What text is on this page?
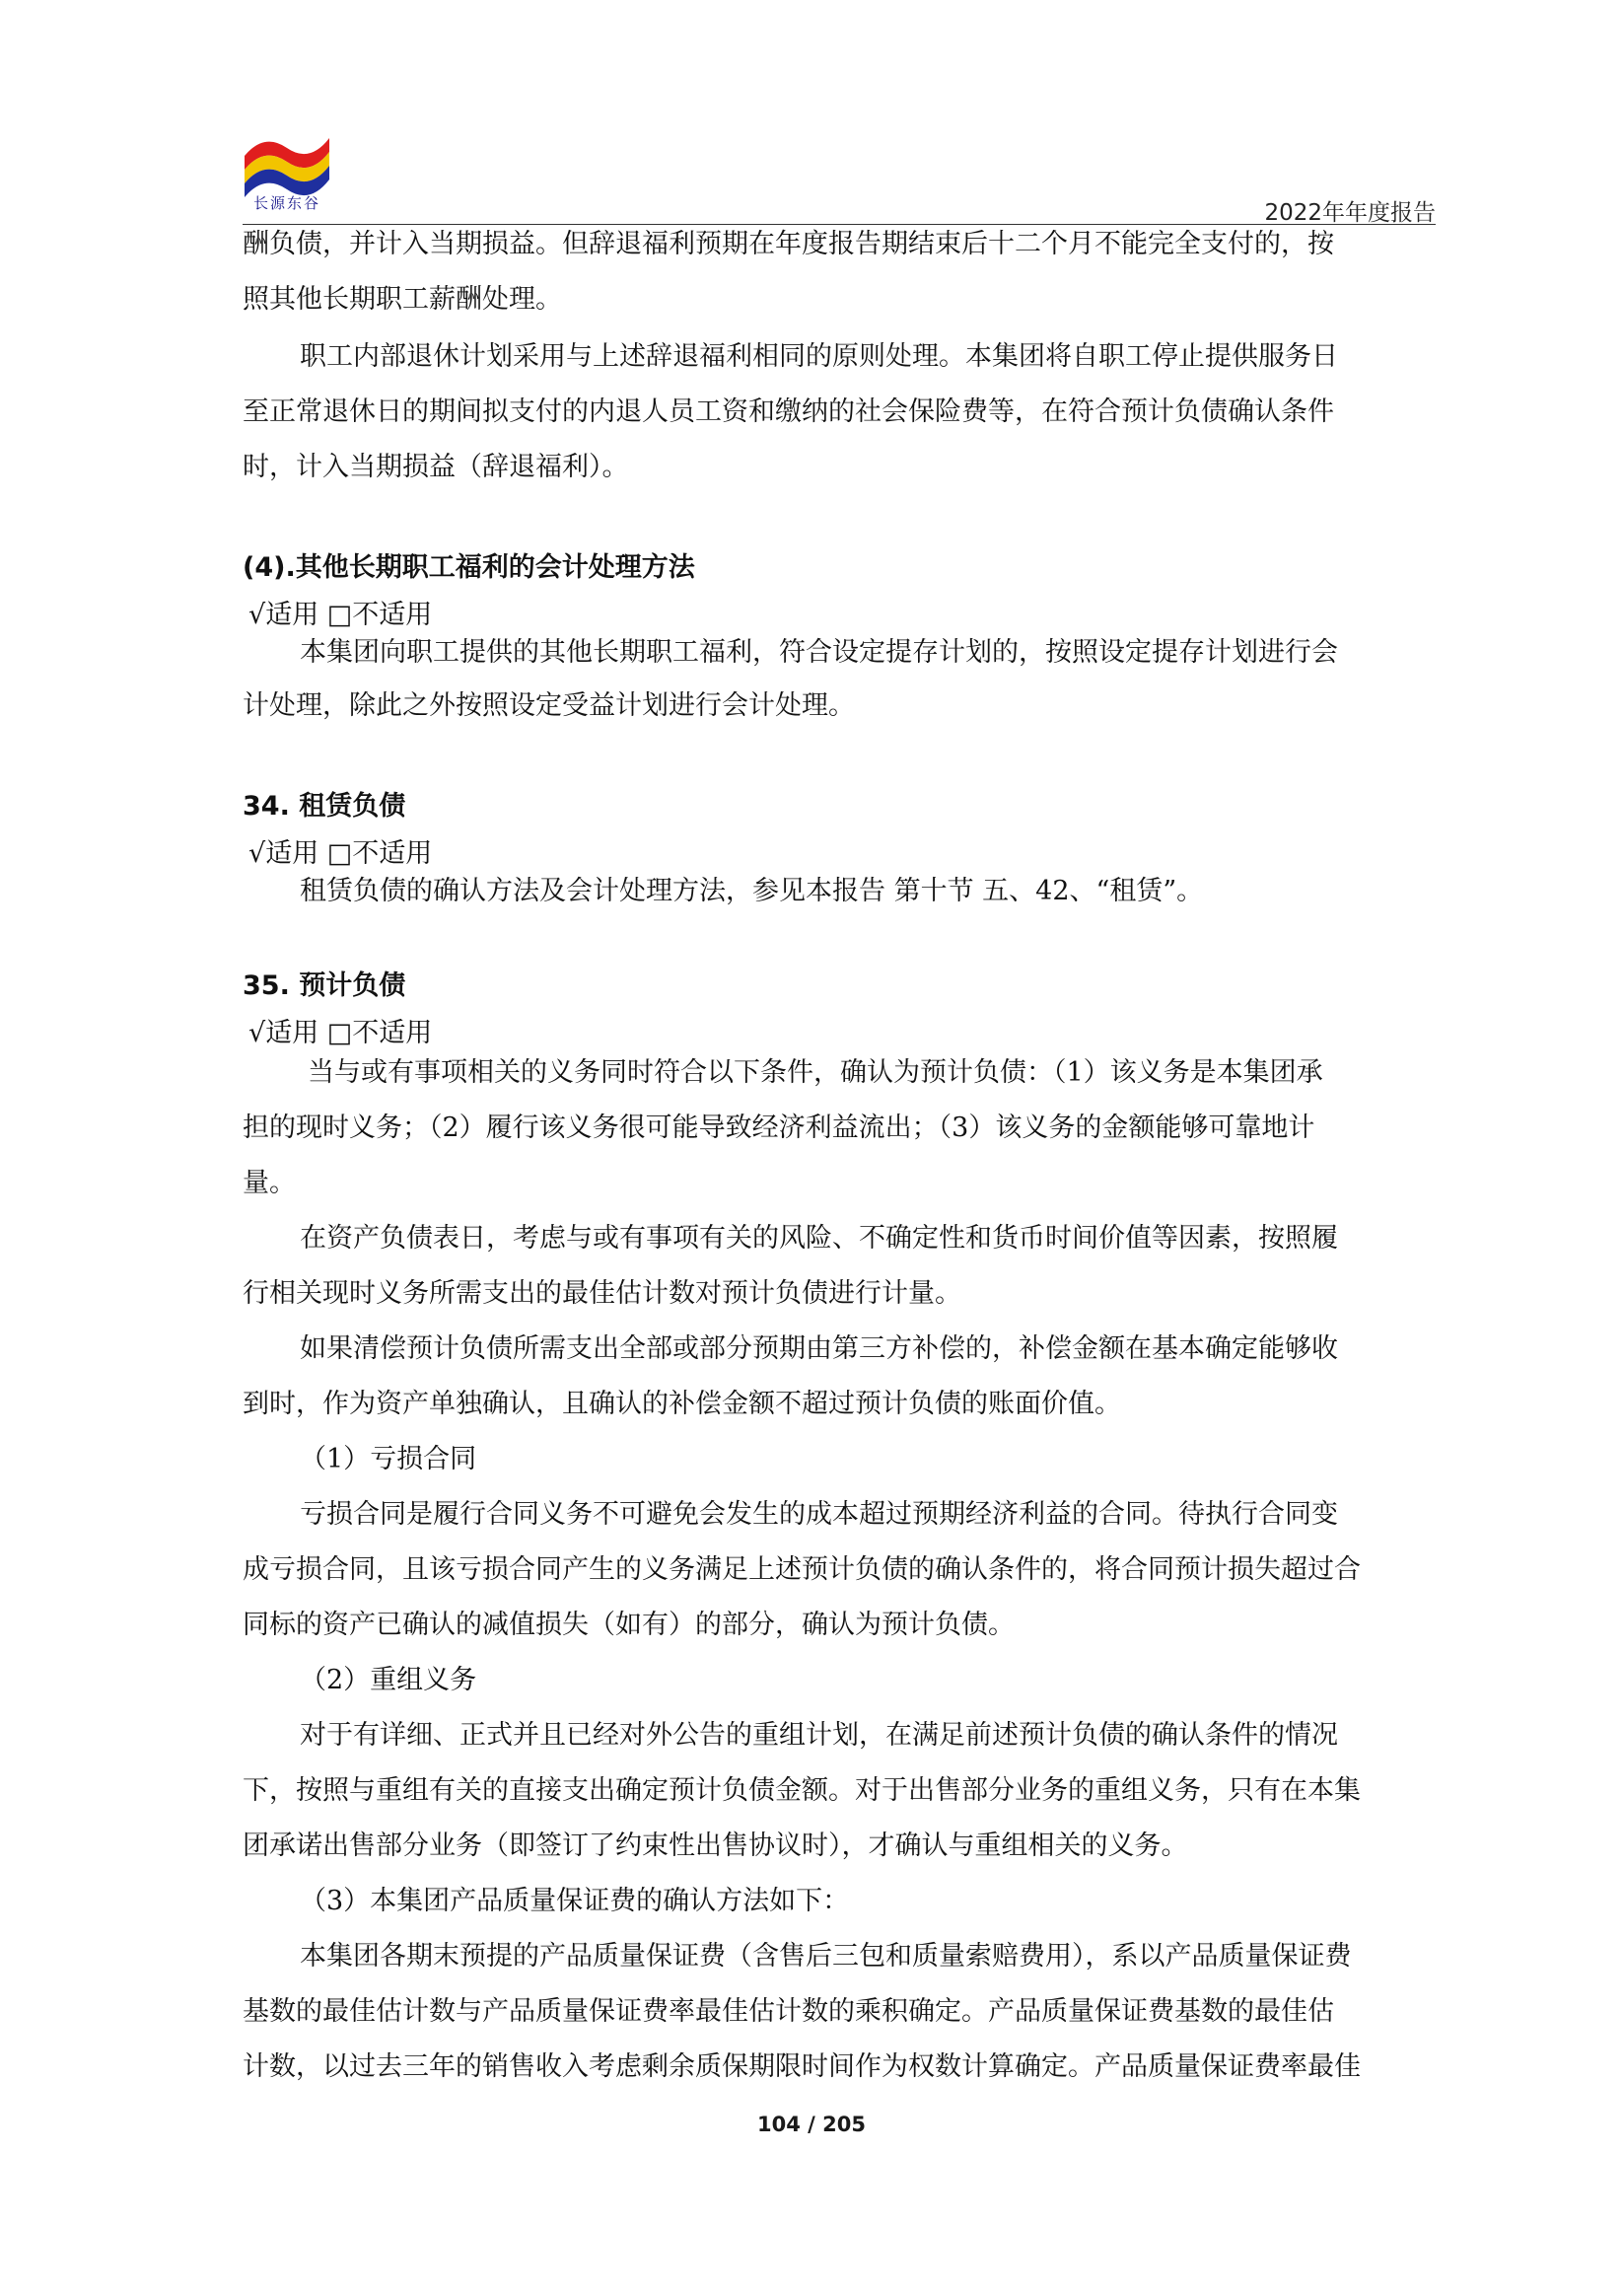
长源东谷	2022年年度报告
酬负债，并计入当期损益。但辞退福利预期在年度报告期结束后十二个月不能完全支付的，按
照其他长期职工薪酬处理。
职工内部退休计划采用与上述辞退福利相同的原则处理。本集团将自职工停止提供服务日
至正常退休日的期间拟支付的内退人员工资和缴纳的社会保险费等，在符合预计负债确认条件
时，计入当期损益（辞退福利）。
(4).其他长期职工福利的会计处理方法
√适用 □不适用
本集团向职工提供的其他长期职工福利，符合设定提存计划的，按照设定提存计划进行会
计处理，除此之外按照设定受益计划进行会计处理。
34. 租赁负债
√适用 □不适用
租赁负债的确认方法及会计处理方法，参见本报告 第十节 五、42、“租赁”。
35. 预计负债
√适用 □不适用
当与或有事项相关的义务同时符合以下条件，确认为预计负债：（1）该义务是本集团承
担的现时义务；（2）履行该义务很可能导致经济利益流出；（3）该义务的金额能够可靠地计
量。
在资产负债表日，考虑与或有事项有关的风险、不确定性和货币时间价值等因素，按照履
行相关现时义务所需支出的最佳估计数对预计负债进行计量。
如果清偿预计负债所需支出全部或部分预期由第三方补偿的，补偿金额在基本确定能够收
到时，作为资产单独确认，且确认的补偿金额不超过预计负债的账面价值。
（1）亏损合同
亏损合同是履行合同义务不可避免会发生的成本超过预期经济利益的合同。待执行合同变
成亏损合同，且该亏损合同产生的义务满足上述预计负债的确认条件的，将合同预计损失超过合
同标的资产已确认的减值损失（如有）的部分，确认为预计负债。
（2）重组义务
对于有详细、正式并且已经对外公告的重组计划，在满足前述预计负债的确认条件的情况
下，按照与重组有关的直接支出确定预计负债金额。对于出售部分业务的重组义务，只有在本集
团承诺出售部分业务（即签订了约束性出售协议时），才确认与重组相关的义务。
（3）本集团产品质量保证费的确认方法如下：
本集团各期末预提的产品质量保证费（含售后三包和质量索赔费用），系以产品质量保证费
基数的最佳估计数与产品质量保证费率最佳估计数的乘积确定。产品质量保证费基数的最佳估
计数，以过去三年的销售收入考虑剩余质保期限时间作为权数计算确定。产品质量保证费率最佳
104 / 205
